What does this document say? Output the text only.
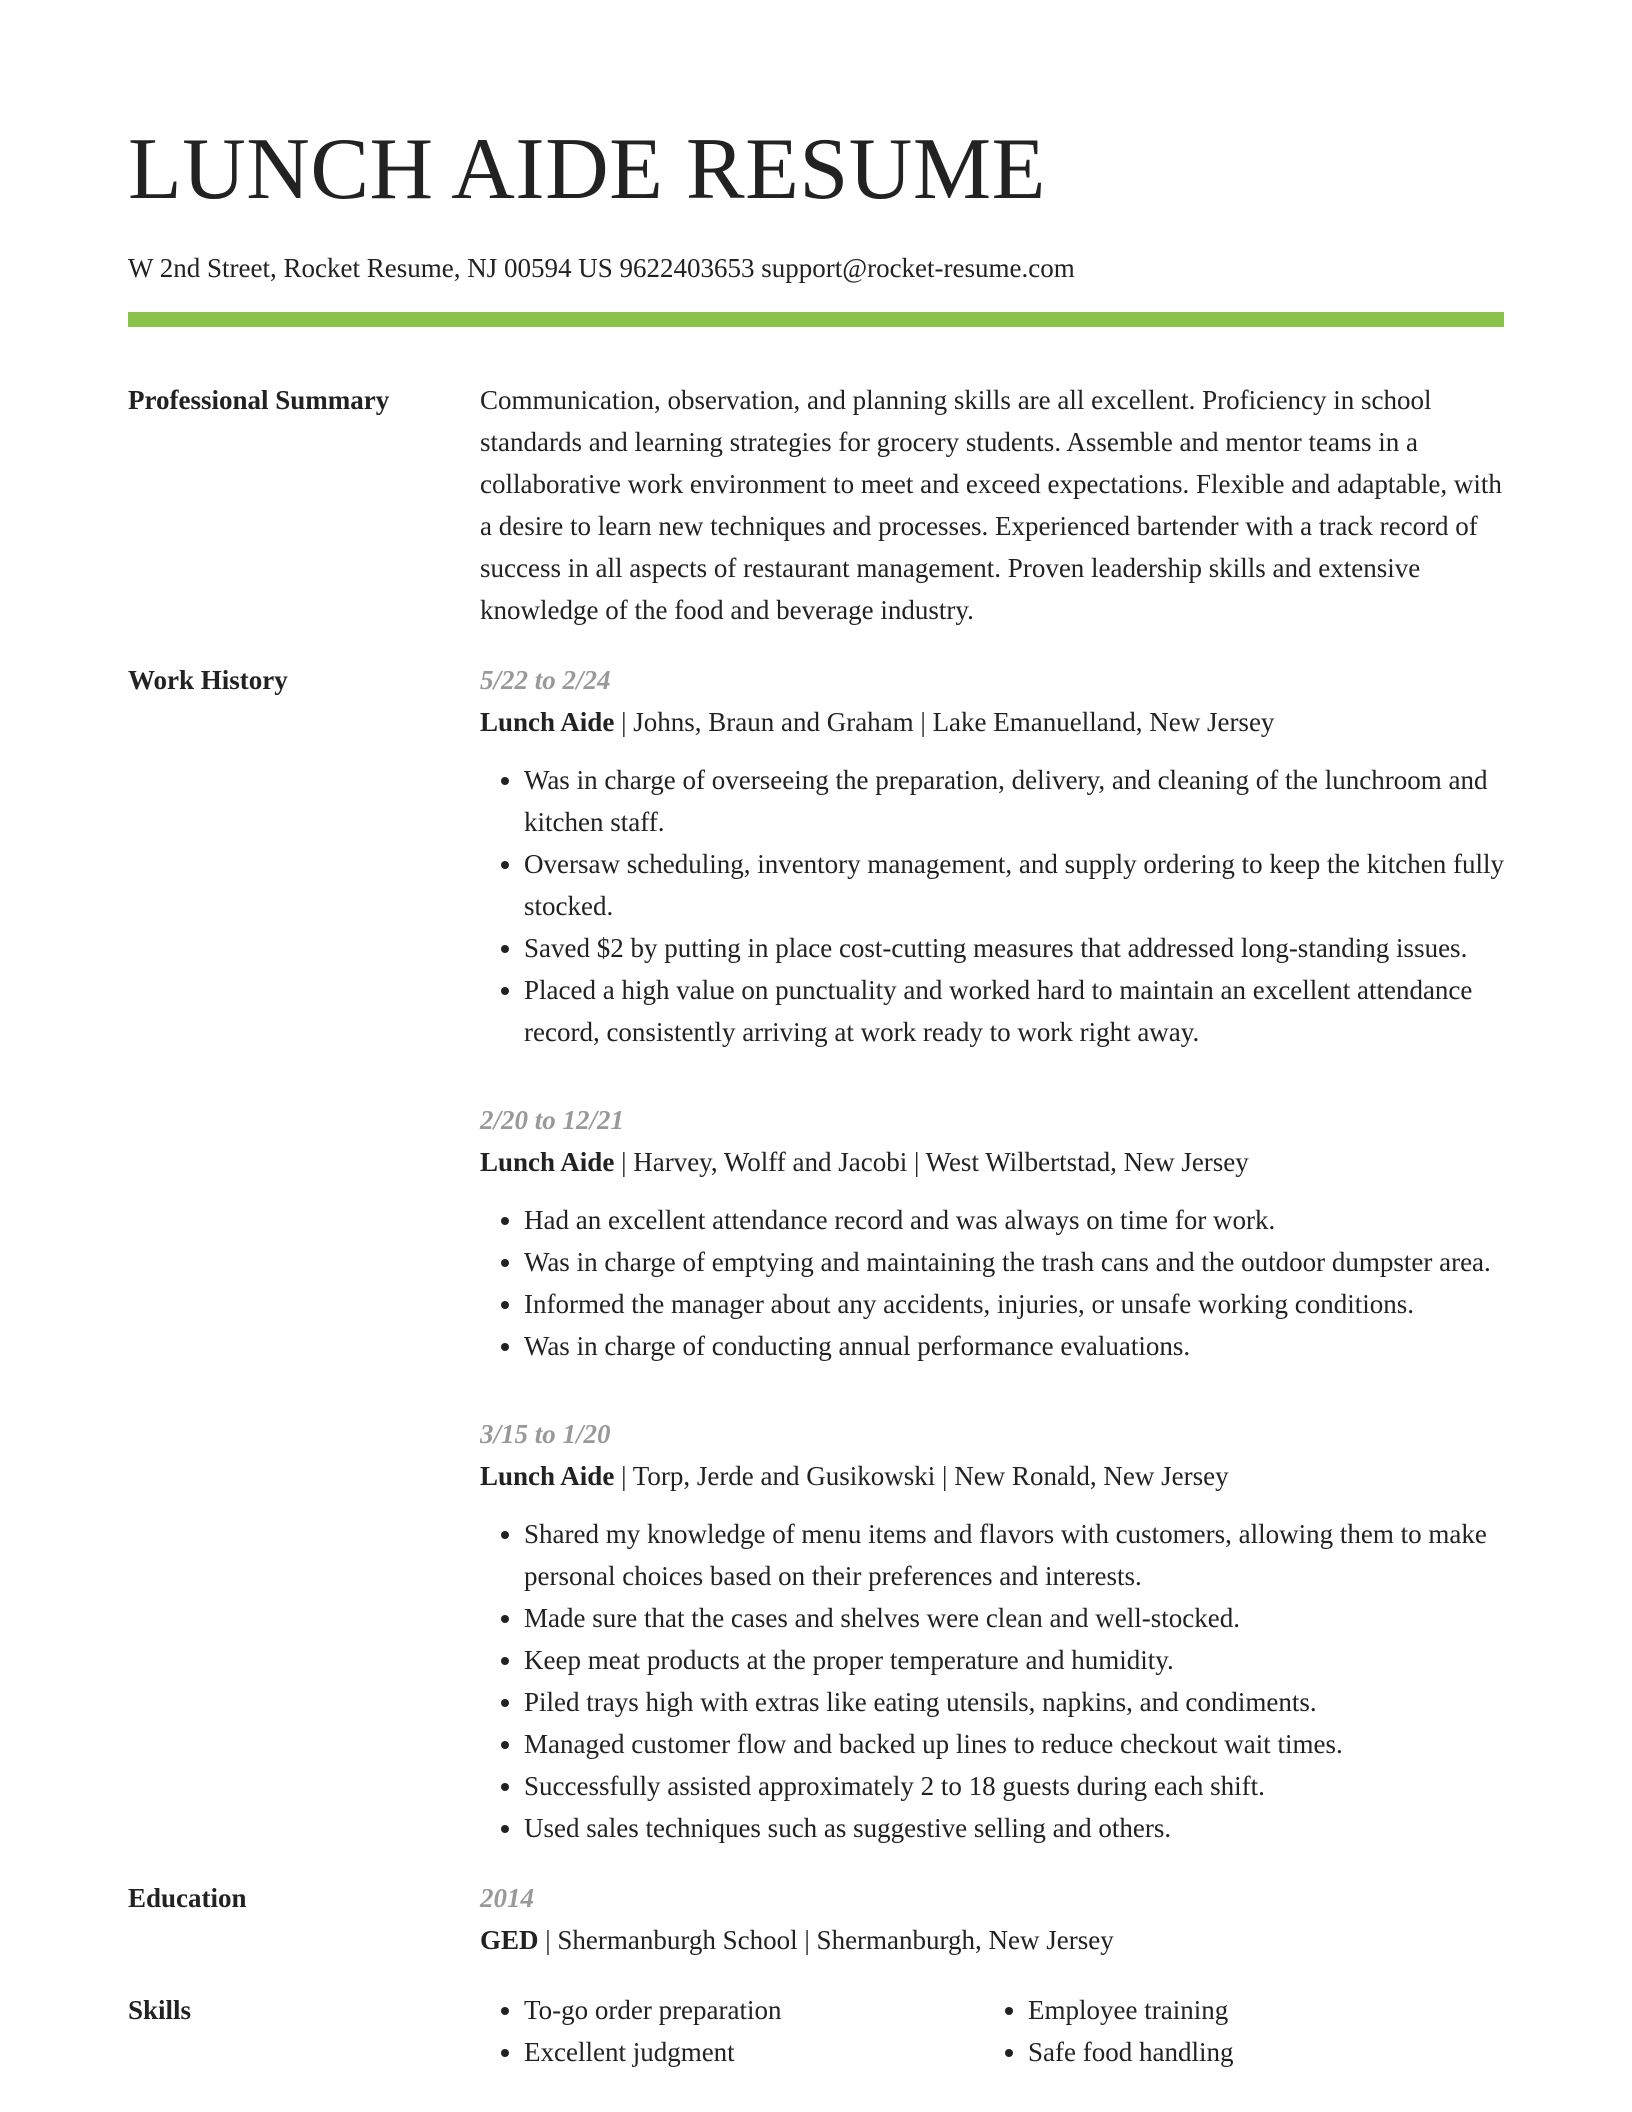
LUNCH AIDE RESUME
W 2nd Street, Rocket Resume, NJ 00594 US 9622403653 support@rocket-resume.com
Professional Summary	Communication, observation, and planning skills are all excellent. Proficiency in school standards and learning strategies for grocery students. Assemble and mentor teams in a collaborative work environment to meet and exceed expectations. Flexible and adaptable, with a desire to learn new techniques and processes. Experienced bartender with a track record of success in all aspects of restaurant management. Proven leadership skills and extensive knowledge of the food and beverage industry.

Work History	5/22 to 2/24
Lunch Aide | Johns, Braun and Graham | Lake Emanuelland, New Jersey
• Was in charge of overseeing the preparation, delivery, and cleaning of the lunchroom and kitchen staff.
• Oversaw scheduling, inventory management, and supply ordering to keep the kitchen fully stocked.
• Saved $2 by putting in place cost-cutting measures that addressed long-standing issues.
• Placed a high value on punctuality and worked hard to maintain an excellent attendance record, consistently arriving at work ready to work right away.
2/20 to 12/21
Lunch Aide | Harvey, Wolff and Jacobi | West Wilbertstad, New Jersey
• Had an excellent attendance record and was always on time for work.
• Was in charge of emptying and maintaining the trash cans and the outdoor dumpster area.
• Informed the manager about any accidents, injuries, or unsafe working conditions.
• Was in charge of conducting annual performance evaluations.
3/15 to 1/20
Lunch Aide | Torp, Jerde and Gusikowski | New Ronald, New Jersey
• Shared my knowledge of menu items and flavors with customers, allowing them to make personal choices based on their preferences and interests.
• Made sure that the cases and shelves were clean and well-stocked.
• Keep meat products at the proper temperature and humidity.
• Piled trays high with extras like eating utensils, napkins, and condiments.
• Managed customer flow and backed up lines to reduce checkout wait times.
• Successfully assisted approximately 2 to 18 guests during each shift.
• Used sales techniques such as suggestive selling and others.
Education	2014
GED | Shermanburgh School | Shermanburgh, New Jersey
Skills
•	To-go order preparation
• Excellent judgment
• Employee training
• Safe food handling
